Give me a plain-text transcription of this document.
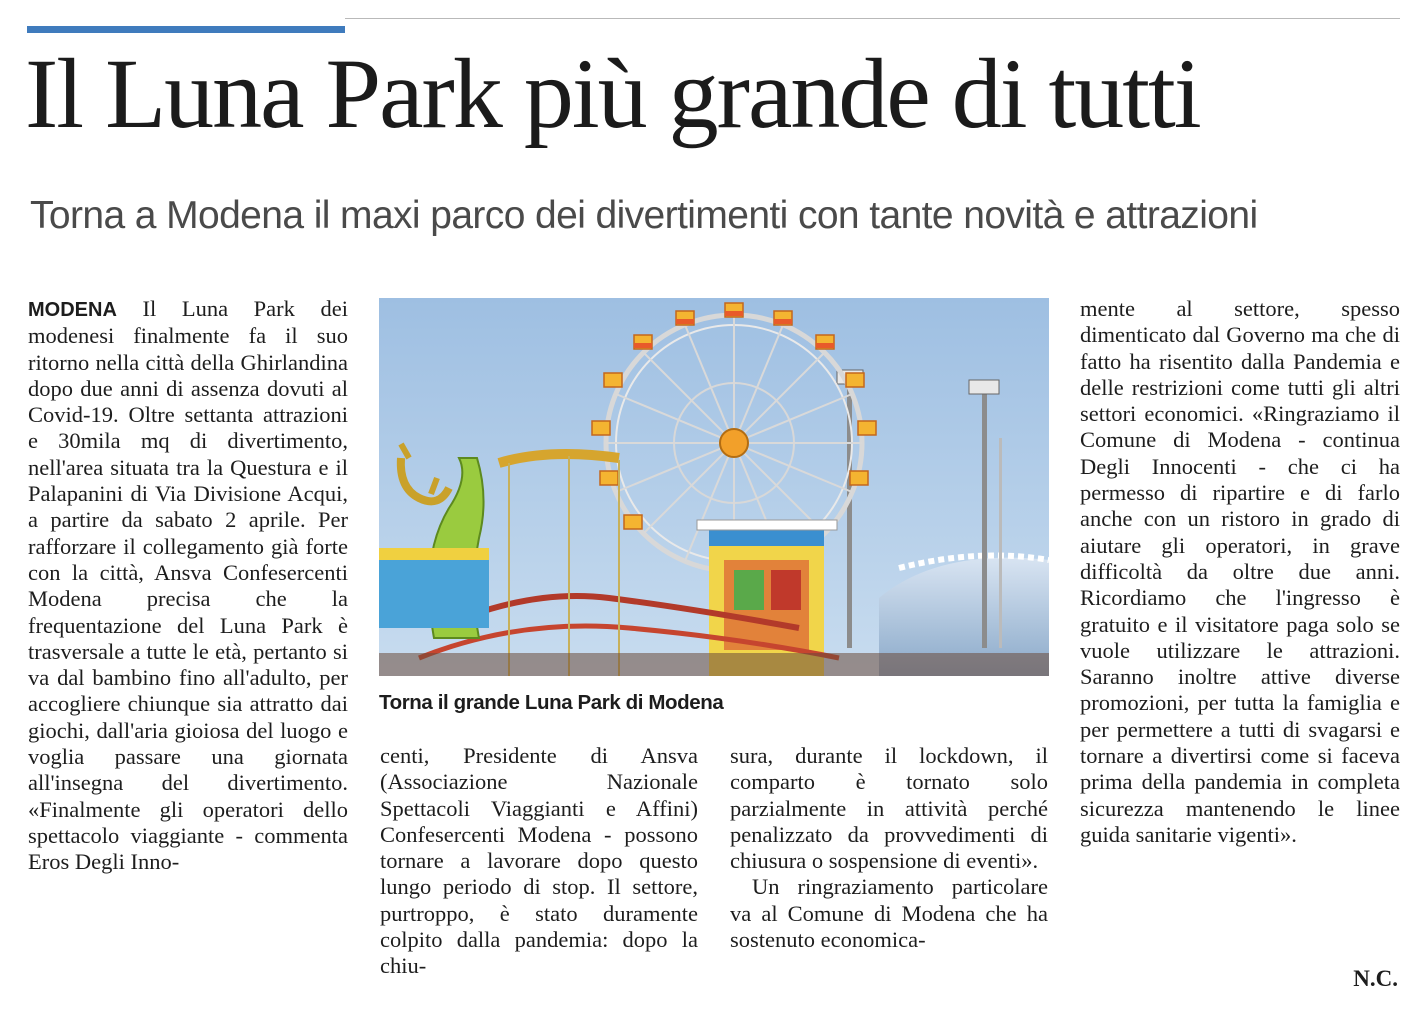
Il Luna Park più grande di tutti
Torna a Modena il maxi parco dei divertimenti con tante novità e attrazioni

MODENA Il Luna Park dei modenesi finalmente fa il suo ritorno nella città della Ghirlandina dopo due anni di assenza dovuti al Covid-19. Oltre settanta attrazioni e 30mila mq di divertimento, nell'area situata tra la Questura e il Palapanini di Via Divisione Acqui, a partire da sabato 2 aprile. Per rafforzare il collegamento già forte con la città, Ansva Confesercenti Modena precisa che la frequentazione del Luna Park è trasversale a tutte le età, pertanto si va dal bambino fino all'adulto, per accogliere chiunque sia attratto dai giochi, dall'aria gioiosa del luogo e voglia passare una giornata all'insegna del divertimento. «Finalmente gli operatori dello spettacolo viaggiante - commenta Eros Degli Inno-

Torna il grande Luna Park di Modena

centi, Presidente di Ansva (Associazione Nazionale Spettacoli Viaggianti e Affini) Confesercenti Modena - possono tornare a lavorare dopo questo lungo periodo di stop. Il settore, purtroppo, è stato duramente colpito dalla pandemia: dopo la chiu-

sura, durante il lockdown, il comparto è tornato solo parzialmente in attività perché penalizzato da provvedimenti di chiusura o sospensione di eventi».

Un ringraziamento particolare va al Comune di Modena che ha sostenuto economica-

mente al settore, spesso dimenticato dal Governo ma che di fatto ha risentito dalla Pandemia e delle restrizioni come tutti gli altri settori economici. «Ringraziamo il Comune di Modena - continua Degli Innocenti - che ci ha permesso di ripartire e di farlo anche con un ristoro in grado di aiutare gli operatori, in grave difficoltà da oltre due anni. Ricordiamo che l'ingresso è gratuito e il visitatore paga solo se vuole utilizzare le attrazioni. Saranno inoltre attive diverse promozioni, per tutta la famiglia e per permettere a tutti di svagarsi e tornare a divertirsi come si faceva prima della pandemia in completa sicurezza mantenendo le linee guida sanitarie vigenti».

N.C.
